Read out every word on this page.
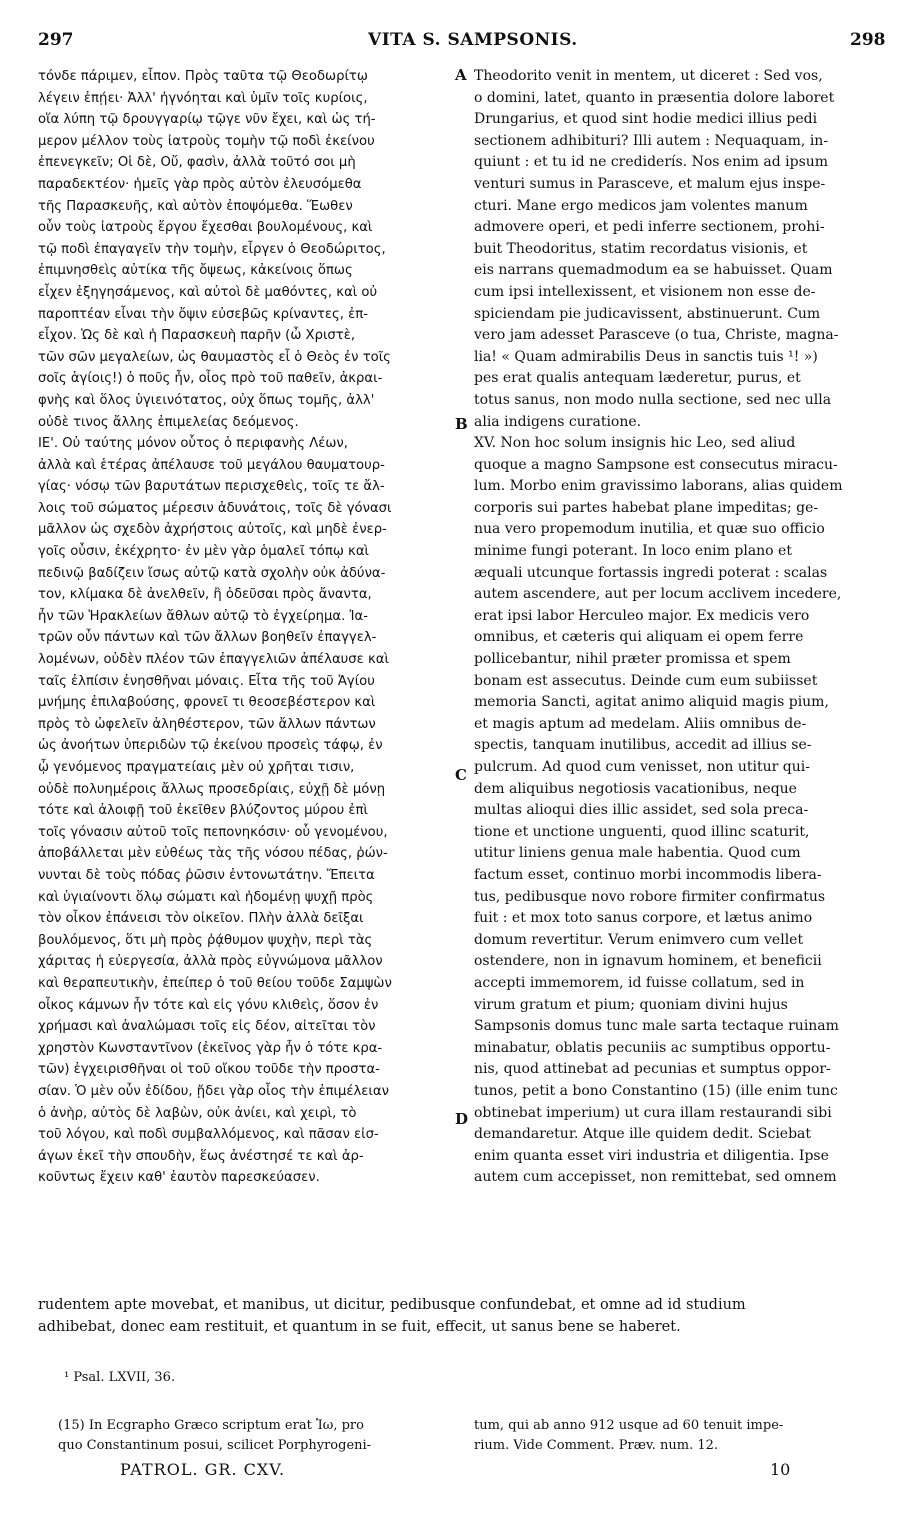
297	VITA S. SAMPSONIS.	298
τόνδε πάριμεν, εἶπον. Πρὸς ταῦτα τῷ Θεοδωρίτῳ
λέγειν ἐπῄει· Ἀλλ' ἠγνόηται καὶ ὑμῖν τοῖς κυρίοις,
οἵα λύπη τῷ δρουγγαρίῳ τῷγε νῦν ἔχει, καὶ ὡς τή-
μερον μέλλον τοὺς ἰατροὺς τομὴν τῷ ποδὶ ἐκείνου
ἐπενεγκεῖν; Οἱ δὲ, Οὔ, φασὶν, ἀλλὰ τοῦτό σοι μὴ
παραδεκτέον· ἡμεῖς γὰρ πρὸς αὐτὸν ἐλευσόμεθα
τῆς Παρασκευῆς, καὶ αὐτὸν ἐποψόμεθα. Ἕωθεν
οὖν τοὺς ἰατροὺς ἔργου ἔχεσθαι βουλομένους, καὶ
τῷ ποδὶ ἐπαγαγεῖν τὴν τομὴν, εἶργεν ὁ Θεοδώριτος,
ἐπιμνησθεὶς αὐτίκα τῆς ὄψεως, κἀκείνοις ὅπως
εἶχεν ἐξηγησάμενος, καὶ αὐτοὶ δὲ μαθόντες, καὶ οὐ
παροπτέαν εἶναι τὴν ὄψιν εὐσεβῶς κρίναντες, ἐπ-
εἶχον. Ὡς δὲ καὶ ἡ Παρασκευὴ παρῆν (ὦ Χριστὲ,
τῶν σῶν μεγαλείων, ὡς θαυμαστὸς εἶ ὁ Θεὸς ἐν τοῖς
σοῖς ἁγίοις!) ὁ ποῦς ἦν, οἷος πρὸ τοῦ παθεῖν, ἀκραι-
φνὴς καὶ ὅλος ὑγιεινότατος, οὐχ ὅπως τομῆς, ἀλλ'
οὐδὲ τινος ἄλλης ἐπιμελείας δεόμενος.
ΙΕ'. Οὐ ταύτης μόνον οὗτος ὁ περιφανὴς Λέων,
ἀλλὰ καὶ ἑτέρας ἀπέλαυσε τοῦ μεγάλου θαυματουρ-
γίας· νόσῳ τῶν βαρυτάτων περισχεθεὶς, τοῖς τε ἄλ-
λοις τοῦ σώματος μέρεσιν ἀδυνάτοις, τοῖς δὲ γόνασι
μᾶλλον ὡς σχεδὸν ἀχρήστοις αὐτοῖς, καὶ μηδὲ ἐνερ-
γοῖς οὖσιν, ἐκέχρητο· ἐν μὲν γὰρ ὁμαλεῖ τόπῳ καὶ
πεδινῷ βαδίζειν ἴσως αὐτῷ κατὰ σχολὴν οὐκ ἀδύνα-
τον, κλίμακα δὲ ἀνελθεῖν, ἢ ὁδεῦσαι πρὸς ἄναντα,
ἦν τῶν Ἡρακλείων ἄθλων αὐτῷ τὸ ἐγχείρημα. Ἰα-
τρῶν οὖν πάντων καὶ τῶν ἄλλων βοηθεῖν ἐπαγγελ-
λομένων, οὐδὲν πλέον τῶν ἐπαγγελιῶν ἀπέλαυσε καὶ
ταῖς ἐλπίσιν ἐνησθῆναι μόναις. Εἶτα τῆς τοῦ Ἁγίου
μνήμης ἐπιλαβούσης, φρονεῖ τι θεοσεβέστερον καὶ
πρὸς τὸ ὠφελεῖν ἀληθέστερον, τῶν ἄλλων πάντων
ὡς ἀνοήτων ὑπεριδὼν τῷ ἐκείνου προσεὶς τάφῳ, ἐν
ᾧ γενόμενος πραγματείαις μὲν οὐ χρῆται τισιν,
οὐδὲ πολυημέροις ἄλλως προσεδρίαις, εὐχῇ δὲ μόνῃ
τότε καὶ ἀλοιφῇ τοῦ ἐκεῖθεν βλύζοντος μύρου ἐπὶ
τοῖς γόνασιν αὐτοῦ τοῖς πεπονηκόσιν· οὗ γενομένου,
ἀποβάλλεται μὲν εὐθέως τὰς τῆς νόσου πέδας, ῥών-
νυνται δὲ τοὺς πόδας ῥῶσιν ἐντονωτάτην. Ἔπειτα
καὶ ὑγιαίνοντι ὅλῳ σώματι καὶ ἡδομένῃ ψυχῇ πρὸς
τὸν οἶκον ἐπάνεισι τὸν οἰκεῖον. Πλὴν ἀλλὰ δεῖξαι
βουλόμενος, ὅτι μὴ πρὸς ῥᾴθυμον ψυχὴν, περὶ τὰς
χάριτας ἡ εὐεργεσία, ἀλλὰ πρὸς εὐγνώμονα μᾶλλον
καὶ θεραπευτικὴν, ἐπείπερ ὁ τοῦ θείου τοῦδε Σαμψὼν
οἶκος κάμνων ἦν τότε καὶ εἰς γόνυ κλιθεὶς, ὅσον ἐν
χρήμασι καὶ ἀναλώμασι τοῖς εἰς δέον, αἰτεῖται τὸν
χρηστὸν Κωνσταντῖνον (ἐκεῖνος γὰρ ἦν ὁ τότε κρα-
τῶν) ἐγχειρισθῆναι οἱ τοῦ οἴκου τοῦδε τὴν προστα-
σίαν. Ὁ μὲν οὖν ἐδίδου, ᾔδει γὰρ οἷος τὴν ἐπιμέλειαν
ὁ ἀνὴρ, αὐτὸς δὲ λαβὼν, οὐκ ἀνίει, καὶ χειρὶ, τὸ
τοῦ λόγου, καὶ ποδὶ συμβαλλόμενος, καὶ πᾶσαν εἰσ-
άγων ἐκεῖ τὴν σπουδὴν, ἕως ἀνέστησέ τε καὶ ἀρ-
κοῦντως ἔχειν καθ' ἑαυτὸν παρεσκεύασεν.
Theodorito venit in mentem, ut diceret : Sed vos,
o domini, latet, quanto in præsentia dolore laboret
Drungarius, et quod sint hodie medici illius pedi
sectionem adhibituri? Illi autem : Nequaquam, in-
quiunt : et tu id ne crediderís. Nos enim ad ipsum
venturi sumus in Parasceve, et malum ejus inspe-
cturi. Mane ergo medicos jam volentes manum
admovere operi, et pedi inferre sectionem, prohi-
buit Theodoritus, statim recordatus visionis, et
eis narrans quemadmodum ea se habuisset. Quam
cum ipsi intellexissent, et visionem non esse de-
spiciendam pie judicavissent, abstinuerunt. Cum
vero jam adesset Parasceve (o tua, Christe, magna-
lia! « Quam admirabilis Deus in sanctis tuis ¹! »)
pes erat qualis antequam læderetur, purus, et
totus sanus, non modo nulla sectione, sed nec ulla
alia indigens curatione.
XV. Non hoc solum insignis hic Leo, sed aliud
quoque a magno Sampsone est consecutus miracu-
lum. Morbo enim gravissimo laborans, alias quidem
corporis sui partes habebat plane impeditas; ge-
nua vero propemodum inutilia, et quæ suo officio
minime fungi poterant. In loco enim plano et
æquali utcunque fortassis ingredi poterat : scalas
autem ascendere, aut per locum acclivem incedere,
erat ipsi labor Herculeo major. Ex medicis vero
omnibus, et cæteris qui aliquam ei opem ferre
pollicebantur, nihil præter promissa et spem
bonam est assecutus. Deinde cum eum subiisset
memoria Sancti, agitat animo aliquid magis pium,
et magis aptum ad medelam. Aliis omnibus de-
spectis, tanquam inutilibus, accedit ad illius se-
pulcrum. Ad quod cum venisset, non utitur qui-
dem aliquibus negotiosis vacationibus, neque
multas alioqui dies illic assidet, sed sola preca-
tione et unctione unguenti, quod illinc scaturit,
utitur liniens genua male habentia. Quod cum
factum esset, continuo morbi incommodis libera-
tus, pedibusque novo robore firmiter confirmatus
fuit : et mox toto sanus corpore, et lætus animo
domum revertitur. Verum enimvero cum vellet
ostendere, non in ignavum hominem, et beneficii
accepti immemorem, id fuisse collatum, sed in
virum gratum et pium; quoniam divini hujus
Sampsonis domus tunc male sarta tectaque ruinam
minabatur, oblatis pecuniis ac sumptibus opportu-
nis, quod attinebat ad pecunias et sumptus oppor-
tunos, petit a bono Constantino (15) (ille enim tunc
obtinebat imperium) ut cura illam restaurandi sibi
demandaretur. Atque ille quidem dedit. Sciebat
enim quanta esset viri industria et diligentia. Ipse
autem cum accepisset, non remittebat, sed omnem
A
B
C
D
rudentem apte movebat, et manibus, ut dicitur, pedibusque confundebat, et omne ad id studium
adhibebat, donec eam restituit, et quantum in se fuit, effecit, ut sanus bene se haberet.
¹ Psal. LXVII, 36.
(15) In Ecgrapho Græco scriptum erat Ἰω, pro
quo Constantinum posui, scilicet Porphyrogeni-
tum, qui ab anno 912 usque ad 60 tenuit impe-
rium. Vide Comment. Præv. num. 12.
PATROL. GR. CXV.	10
